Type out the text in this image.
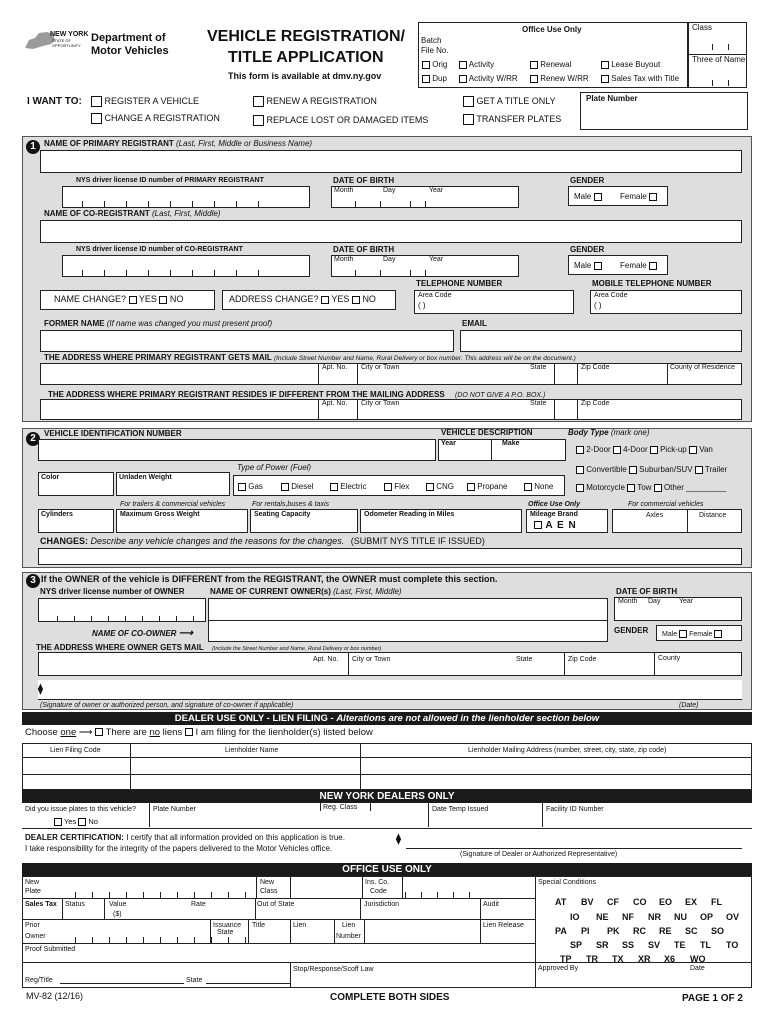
NEW YORK
STATE OF
OPPORTUNITY
Department of
Motor Vehicles
VEHICLE REGISTRATION/
TITLE APPLICATION
This form is available at dmv.ny.gov
Office Use Only
Batch
File No.
Orig	Activity	Renewal	Lease Buyout
Dup	Activity W/RR	Renew W/RR	Sales Tax with Title
Class
Three of Name
I WANT TO:	REGISTER A VEHICLE
CHANGE A REGISTRATION
RENEW A REGISTRATION
REPLACE LOST OR DAMAGED ITEMS
GET A TITLE ONLY
TRANSFER PLATES
Plate Number
1	NAME OF PRIMARY REGISTRANT (Last, First, Middle or Business Name)
NYS driver license ID number of PRIMARY REGISTRANT	DATE OF BIRTH
Month	Day	Year
GENDER
Male	Female
NAME OF CO-REGISTRANT (Last, First, Middle)
NYS driver license ID number of CO-REGISTRANT	DATE OF BIRTH
Month	Day	Year
GENDER
Male	Female
TELEPHONE NUMBER	MOBILE TELEPHONE NUMBER
Area Code
( )
Area Code
( )
NAME CHANGE? YES NO	ADDRESS CHANGE? YES NO
FORMER NAME (If name was changed you must present proof)	EMAIL
THE ADDRESS WHERE PRIMARY REGISTRANT GETS MAIL (Include Street Number and Name, Rural Delivery or box number. This address will be on the document.)
Apt. No. City or Town	State	Zip Code	County of Residence
THE ADDRESS WHERE PRIMARY REGISTRANT RESIDES IF DIFFERENT FROM THE MAILING ADDRESS (DO NOT GIVE A P.O. BOX.)
Apt. No. City or Town	State	Zip Code
2	VEHICLE IDENTIFICATION NUMBER	VEHICLE DESCRIPTION
Year	Make
Body Type (mark one)
2-Door 4-Door Pick-up Van
Convertible Suburban/SUV Trailer
Motorcycle Tow Other _________
Color	Unladen Weight
Type of Power (Fuel)
Gas	Diesel	Electric	Flex	CNG	Propane	None
For trailers & commercial vehicles	For rentals,buses & taxis
Cylinders	Maximum Gross Weight	Seating Capacity	Odometer Reading in Miles
Office Use Only
Mileage Brand
A E N
For commercial vehicles
Axles	Distance
CHANGES: Describe any vehicle changes and the reasons for the changes. (SUBMIT NYS TITLE IF ISSUED)
3 If the OWNER of the vehicle is DIFFERENT from the REGISTRANT, the OWNER must complete this section.
NYS driver license number of OWNER	NAME OF CURRENT OWNER(s) (Last, First, Middle)	DATE OF BIRTH
Month Day	Year
NAME OF CO-OWNER ⟶	GENDER Male Female
THE ADDRESS WHERE OWNER GETS MAIL (Include the Street Number and Name, Rural Delivery or box number)
Apt. No. City or Town	State	Zip Code	County
⧫
(Signature of owner or authorized person, and signature of co-owner if applicable)	(Date)
DEALER USE ONLY - LIEN FILING - Alterations are not allowed in the lienholder section below
Choose one ⟶ There are no liens I am filing for the lienholder(s) listed below
Lien Filing Code	Lienholder Name	Lienholder Mailing Address (number, street, city, state, zip code)
NEW YORK DEALERS ONLY
Did you issue plates to this vehicle?
Yes No
Plate Number	Reg. Class	Date Temp Issued	Facility ID Number
DEALER CERTIFICATION: I certify that all information provided on this application is true.
I take responsibility for the integrity of the papers delivered to the Motor Vehicles office.
⧫
(Signature of Dealer or Authorized Representative)
OFFICE USE ONLY
New
Plate
New
Class
Ins. Co.
Code
Sales Tax Status	Value
($)
Rate	Out of State	Jurisdiction	Audit
Prior
Owner
Issuance
State
Title	Lien	Lien
Number
Lien Release
Proof Submitted
Reg/Title	State
Stop/Response/Scoff Law
Special Conditions
Approved By	Date
AT BV CF CO EO EX FL
IO NE NF NR NU OP OV
PA PI PK RC RE SC SO
SP SR SS SV TE TL TO
TP TR TX XR X6 WO
MV-82 (12/16)	COMPLETE BOTH SIDES	PAGE 1 OF 2
